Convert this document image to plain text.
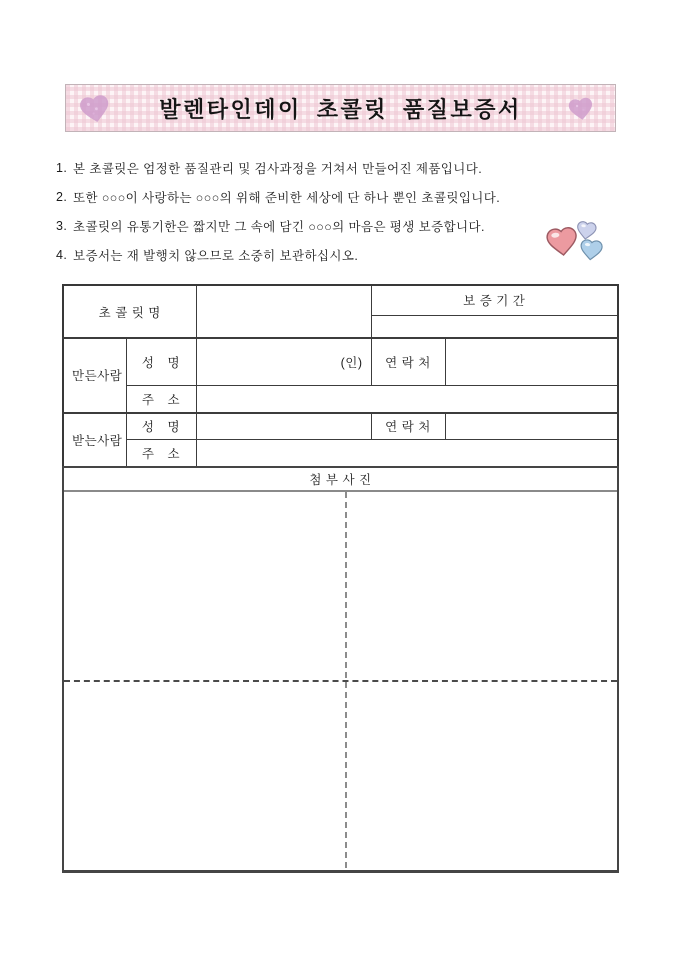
발렌타인데이 초콜릿 품질보증서
1. 본 초콜릿은 엄정한 품질관리 및 검사과정을 거쳐서 만들어진 제품입니다.
2. 또한 ○○○이 사랑하는 ○○○의 위해 준비한 세상에 단 하나 뿐인 초콜릿입니다.
3. 초콜릿의 유통기한은 짧지만 그 속에 담긴 ○○○의 마음은 평생 보증합니다.
4. 보증서는 재 발행치 않으므로 소중히 보관하십시오.
초 콜 릿 명			보 증 기 간	

만든사람	성　명	(인)	연 락 처	
	주　소			
받는사람	성　명		연 락 처	
	주　소			
첨 부 사 진
